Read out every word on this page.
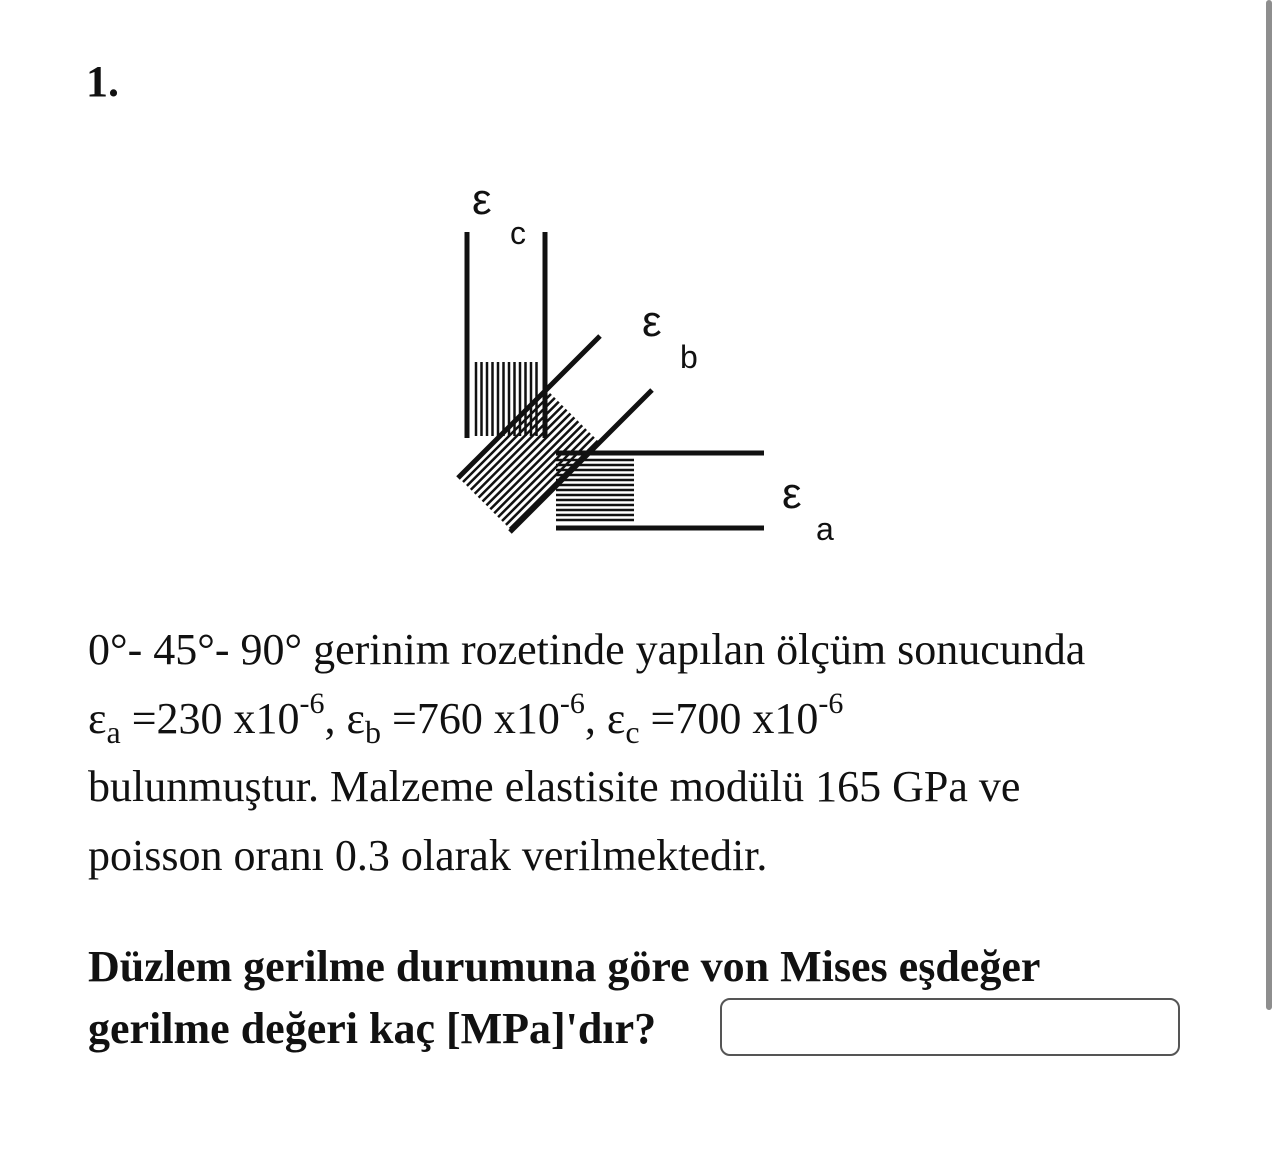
1.
ε
c
ε
b
ε
a
0°- 45°- 90° gerinim rozetinde yapılan ölçüm sonucunda
$\varepsilon_a =230$ $x10^{-6}$, $\varepsilon_b =760$ $x10^{-6}$, $\varepsilon_c =700$ $x10^{-6}$
bulunmuştur. Malzeme elastisite modülü 165 GPa ve
poisson oranı 0.3 olarak verilmektedir.
Düzlem gerilme durumuna göre von Mises eşdeğer
gerilme değeri kaç [MPa]'dır?
